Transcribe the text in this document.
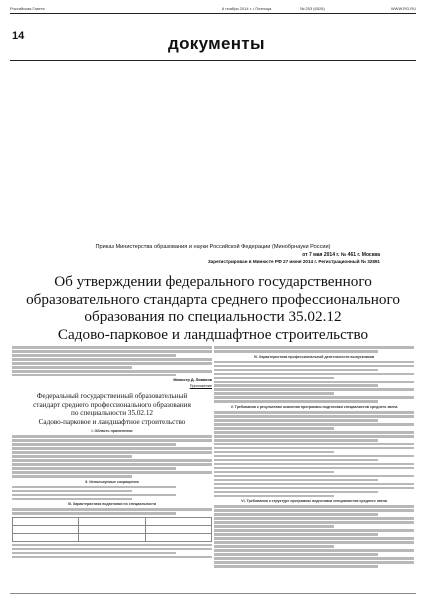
Российская Газета	6 ноября 2014 г. • Пятница	№ 253 (6526)	WWW.RG.RU
14	документы
Приказ Министерства образования и науки Российской Федерации (Минобрнауки России)
от 7 мая 2014 г. № 461 г. Москва
Зарегистрирован в Минюсте РФ 27 июня 2014 г. Регистрационный № 32891
Об утверждении федерального государственного
образовательного стандарта среднего профессионального
образования по специальности 35.02.12
Садово-парковое и ландшафтное строительство
Министр Д. Ливанов
Приложение
Федеральный государственный образовательный
стандарт среднего профессионального образования
по специальности 35.02.12
Садово-парковое и ландшафтное строительство
I. Область применения
II. Используемые сокращения
III. Характеристика подготовки по специальности

IV. Характеристика профессиональной деятельности выпускников
V. Требования к результатам освоения программы подготовки специалистов среднего звена
VI. Требования к структуре программы подготовки специалистов среднего звена
